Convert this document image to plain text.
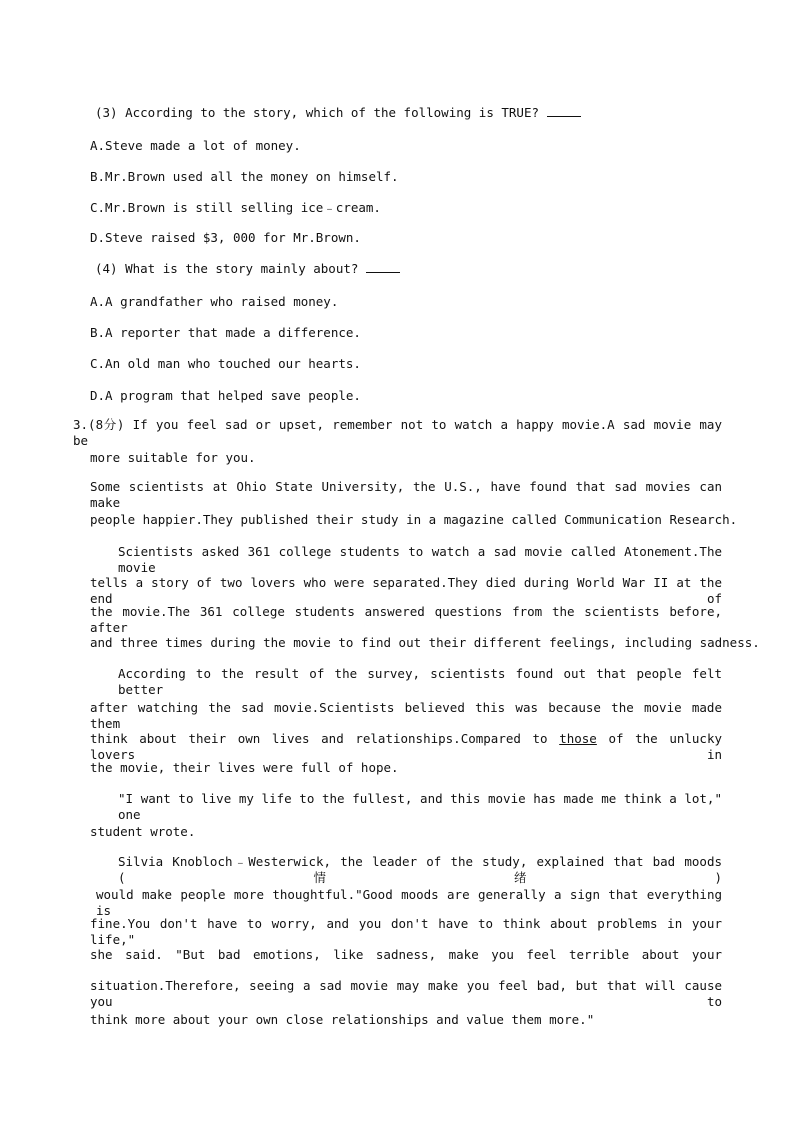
(3) According to the story, which of the following is TRUE?
A.Steve made a lot of money.
B.Mr.Brown used all the money on himself.
C.Mr.Brown is still selling ice﹣cream.
D.Steve raised $3, 000 for Mr.Brown.
(4) What is the story mainly about?
A.A grandfather who raised money.
B.A reporter that made a difference.
C.An old man who touched our hearts.
D.A program that helped save people.
3.(8分) If you feel sad or upset, remember not to watch a happy movie.A sad movie may be
more suitable for you.
Some scientists at Ohio State University, the U.S., have found that sad movies can make
people happier.They published their study in a magazine called Communication Research.
Scientists asked 361 college students to watch a sad movie called Atonement.The movie
tells a story of two lovers who were separated.They died during World War II at the end of
the movie.The 361 college students answered questions from the scientists before, after
and three times during the movie to find out their different feelings, including sadness.
According to the result of the survey, scientists found out that people felt better
after watching the sad movie.Scientists believed this was because the movie made them
think about their own lives and relationships.Compared to those of the unlucky lovers in
the movie, their lives were full of hope.
"I want to live my life to the fullest, and this movie has made me think a lot," one
student wrote.
Silvia Knobloch﹣Westerwick, the leader of the study, explained that bad moods (情绪)
would make people more thoughtful."Good moods are generally a sign that everything is
fine.You don't have to worry, and you don't have to think about problems in your life,"
she said. "But bad emotions, like sadness, make you feel terrible about your
situation.Therefore, seeing a sad movie may make you feel bad, but that will cause you to
think more about your own close relationships and value them more."
